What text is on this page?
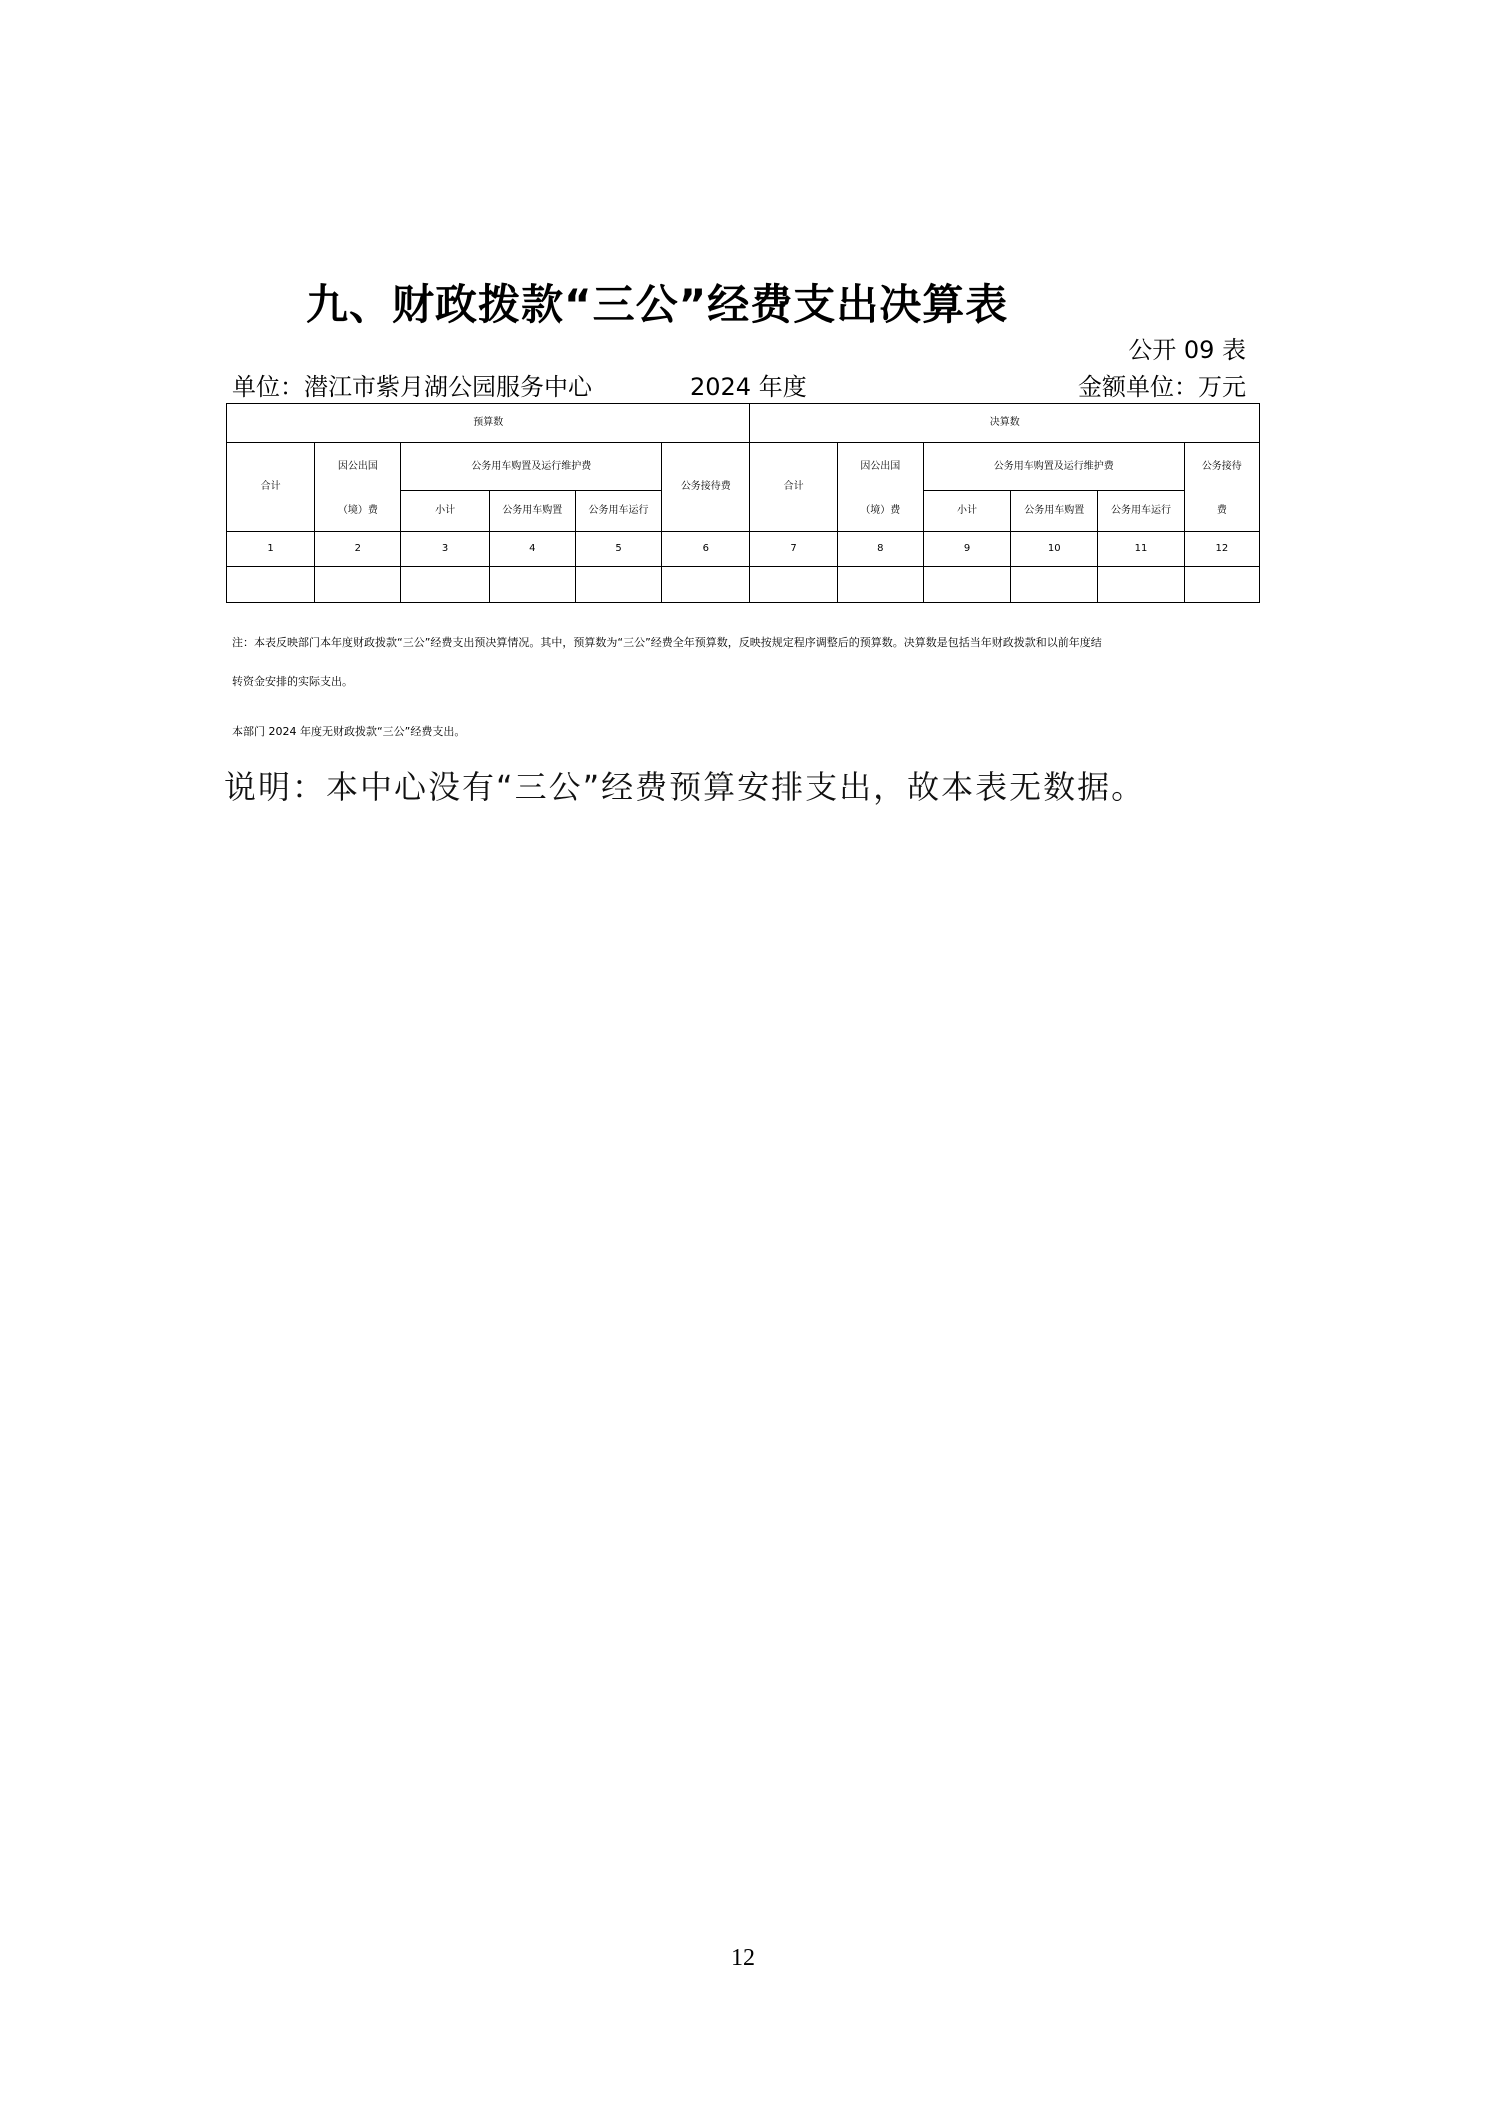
九、财政拨款“三公”经费支出决算表
公开 09 表
单位：潜江市紫月湖公园服务中心	2024 年度	金额单位：万元
预算数						决算数					
合计	因公出国	公务用车购置及运行维护费			公务接待费	合计	因公出国	公务用车购置及运行维护费			公务接待
	（境）费	小计	公务用车购置	公务用车运行			（境）费	小计	公务用车购置	公务用车运行	费
1	2	3	4	5	6	7	8	9	10	11	12

注：本表反映部门本年度财政拨款“三公”经费支出预决算情况。其中，预算数为“三公”经费全年预算数，反映按规定程序调整后的预算数。决算数是包括当年财政拨款和以前年度结
转资金安排的实际支出。
本部门 2024 年度无财政拨款“三公”经费支出。
说明：本中心没有“三公”经费预算安排支出，故本表无数据。
12
